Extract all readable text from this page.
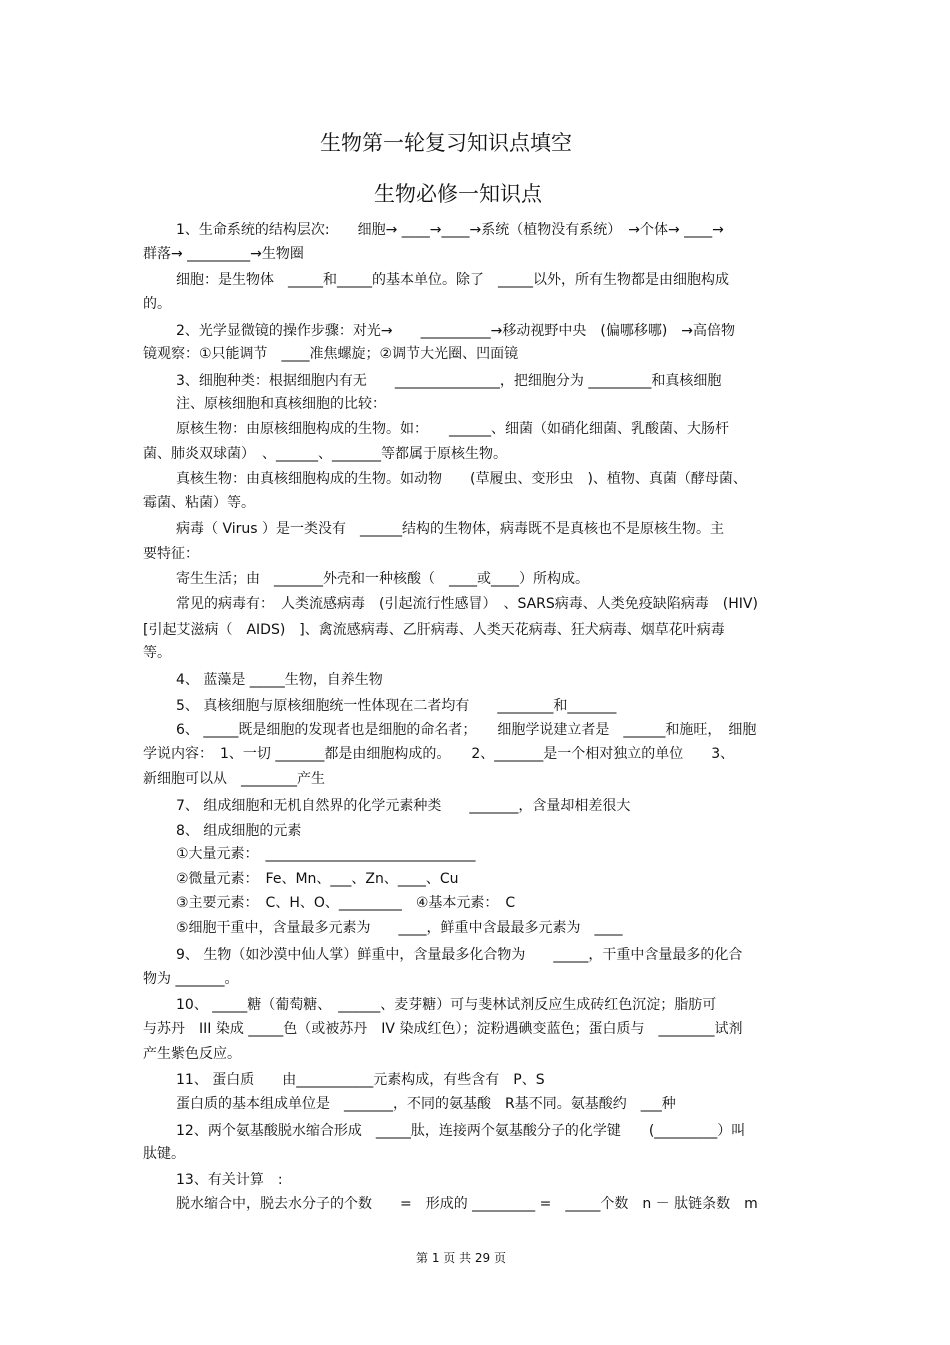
生物第一轮复习知识点填空
生物必修一知识点
1、生命系统的结构层次:　　细胞→ ____→____→系统（植物没有系统）　→个体→ ____→
群落→ _________→生物圈
细胞：是生物体　_____和_____的基本单位。除了　_____以外，所有生物都是由细胞构成
的。
2、光学显微镜的操作步骤：对光→　　__________→移动视野中央　(偏哪移哪)　→高倍物
镜观察：①只能调节　____准焦螺旋；②调节大光圈、凹面镜
3、细胞种类：根据细胞内有无　　_______________，把细胞分为 _________和真核细胞
注、原核细胞和真核细胞的比较：
原核生物：由原核细胞构成的生物。如：　　______、细菌（如硝化细菌、乳酸菌、大肠杆
菌、肺炎双球菌）　、______、_______等都属于原核生物。
真核生物：由真核细胞构成的生物。如动物　　(草履虫、变形虫　)、植物、真菌（酵母菌、
霉菌、粘菌）等。
病毒（ Virus ）是一类没有　______结构的生物体，病毒既不是真核也不是原核生物。主
要特征：
寄生生活；由　_______外壳和一种核酸（　____或____）所构成。
常见的病毒有：　人类流感病毒　(引起流行性感冒）　、SARS病毒、人类免疫缺陷病毒　(HIV)
[引起艾滋病（　AIDS)　]、禽流感病毒、乙肝病毒、人类天花病毒、狂犬病毒、烟草花叶病毒
等。
4、 蓝藻是 _____生物，自养生物
5、 真核细胞与原核细胞统一性体现在二者均有　　________和_______
6、 _____既是细胞的发现者也是细胞的命名者；　　细胞学说建立者是　______和施旺，　细胞
学说内容：　1、一切 _______都是由细胞构成的。　　2、_______是一个相对独立的单位　　3、
新细胞可以从　________产生
7、 组成细胞和无机自然界的化学元素种类　　_______，含量却相差很大
8、 组成细胞的元素
①大量元素：　______________________________
②微量元素：　Fe、Mn、___、Zn、____、Cu
③主要元素：　C、H、O、_________　④基本元素：　C
⑤细胞干重中，含量最多元素为　　____，鲜重中含最最多元素为　____
9、 生物（如沙漠中仙人掌）鲜重中，含量最多化合物为　　_____，干重中含量最多的化合
物为 _______。
10、 _____糖（葡萄糖、　______、麦芽糖）可与斐林试剂反应生成砖红色沉淀；脂肪可
与苏丹　III 染成 _____色（或被苏丹　IV 染成红色）；淀粉遇碘变蓝色；蛋白质与　________试剂
产生紫色反应。
11、 蛋白质　　由___________元素构成，有些含有　P、S
蛋白质的基本组成单位是　_______，不同的氨基酸　R基不同。氨基酸约　___种
12、两个氨基酸脱水缩合形成　_____肽，连接两个氨基酸分子的化学键　　(_________）叫
肽键。
13、有关计算　:
脱水缩合中，脱去水分子的个数　　=　形成的 _________ =　_____个数　n － 肽链条数　m
第 1 页 共 29 页
